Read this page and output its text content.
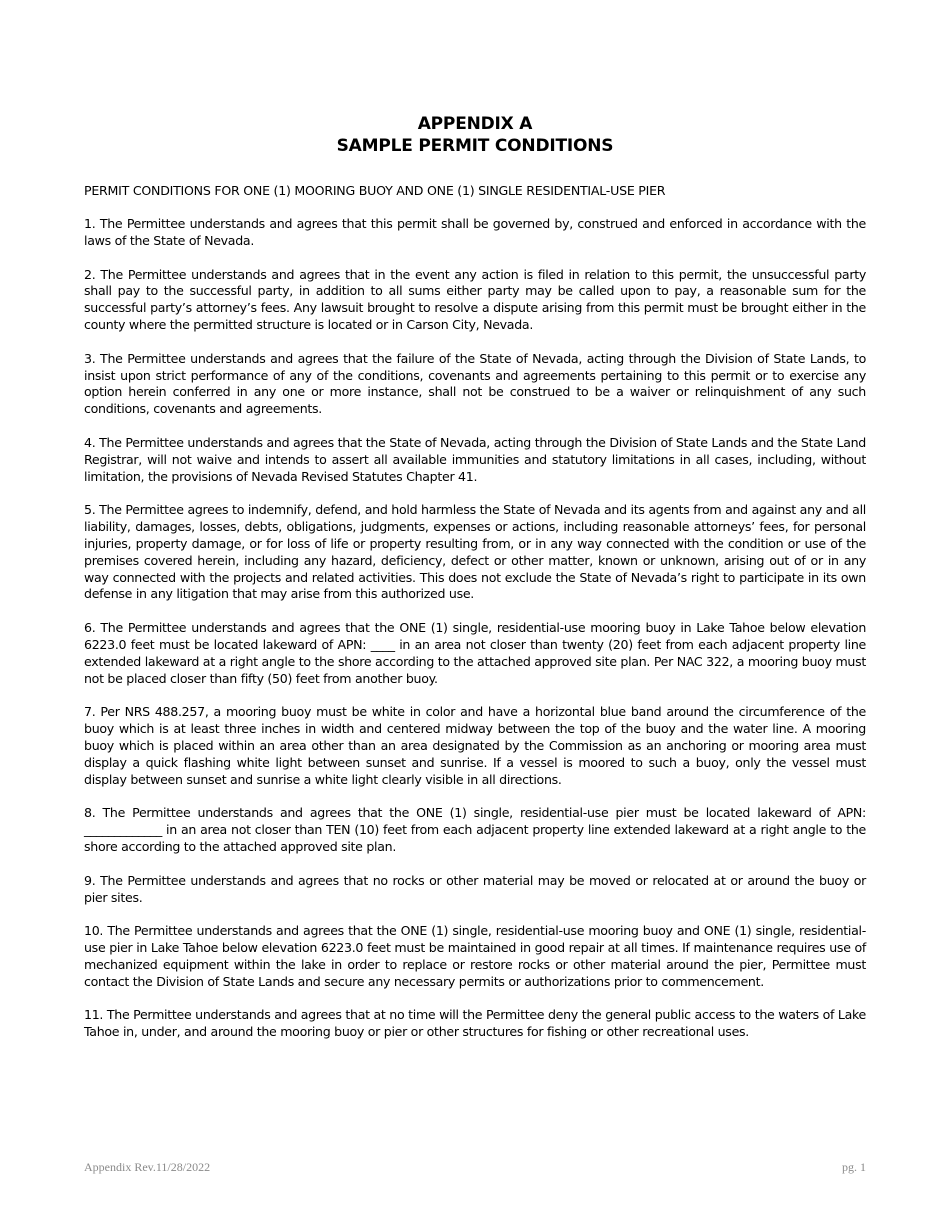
APPENDIX A
SAMPLE PERMIT CONDITIONS

PERMIT CONDITIONS FOR ONE (1) MOORING BUOY AND ONE (1) SINGLE RESIDENTIAL-USE PIER

1. The Permittee understands and agrees that this permit shall be governed by, construed and enforced in accordance with the laws of the State of Nevada.

2. The Permittee understands and agrees that in the event any action is filed in relation to this permit, the unsuccessful party shall pay to the successful party, in addition to all sums either party may be called upon to pay, a reasonable sum for the successful party’s attorney’s fees. Any lawsuit brought to resolve a dispute arising from this permit must be brought either in the county where the permitted structure is located or in Carson City, Nevada.

3. The Permittee understands and agrees that the failure of the State of Nevada, acting through the Division of State Lands, to insist upon strict performance of any of the conditions, covenants and agreements pertaining to this permit or to exercise any option herein conferred in any one or more instance, shall not be construed to be a waiver or relinquishment of any such conditions, covenants and agreements.

4. The Permittee understands and agrees that the State of Nevada, acting through the Division of State Lands and the State Land Registrar, will not waive and intends to assert all available immunities and statutory limitations in all cases, including, without limitation, the provisions of Nevada Revised Statutes Chapter 41.

5. The Permittee agrees to indemnify, defend, and hold harmless the State of Nevada and its agents from and against any and all liability, damages, losses, debts, obligations, judgments, expenses or actions, including reasonable attorneys’ fees, for personal injuries, property damage, or for loss of life or property resulting from, or in any way connected with the condition or use of the premises covered herein, including any hazard, deficiency, defect or other matter, known or unknown, arising out of or in any way connected with the projects and related activities. This does not exclude the State of Nevada’s right to participate in its own defense in any litigation that may arise from this authorized use.

6. The Permittee understands and agrees that the ONE (1) single, residential-use mooring buoy in Lake Tahoe below elevation 6223.0 feet must be located lakeward of APN: ____ in an area not closer than twenty (20) feet from each adjacent property line extended lakeward at a right angle to the shore according to the attached approved site plan. Per NAC 322, a mooring buoy must not be placed closer than fifty (50) feet from another buoy.

7. Per NRS 488.257, a mooring buoy must be white in color and have a horizontal blue band around the circumference of the buoy which is at least three inches in width and centered midway between the top of the buoy and the water line. A mooring buoy which is placed within an area other than an area designated by the Commission as an anchoring or mooring area must display a quick flashing white light between sunset and sunrise. If a vessel is moored to such a buoy, only the vessel must display between sunset and sunrise a white light clearly visible in all directions.

8. The Permittee understands and agrees that the ONE (1) single, residential-use pier must be located lakeward of APN: _____________ in an area not closer than TEN (10) feet from each adjacent property line extended lakeward at a right angle to the shore according to the attached approved site plan.

9. The Permittee understands and agrees that no rocks or other material may be moved or relocated at or around the buoy or pier sites.

10. The Permittee understands and agrees that the ONE (1) single, residential-use mooring buoy and ONE (1) single, residential-use pier in Lake Tahoe below elevation 6223.0 feet must be maintained in good repair at all times. If maintenance requires use of mechanized equipment within the lake in order to replace or restore rocks or other material around the pier, Permittee must contact the Division of State Lands and secure any necessary permits or authorizations prior to commencement.

11. The Permittee understands and agrees that at no time will the Permittee deny the general public access to the waters of Lake Tahoe in, under, and around the mooring buoy or pier or other structures for fishing or other recreational uses.

Appendix Rev.11/28/2022	pg. 1
